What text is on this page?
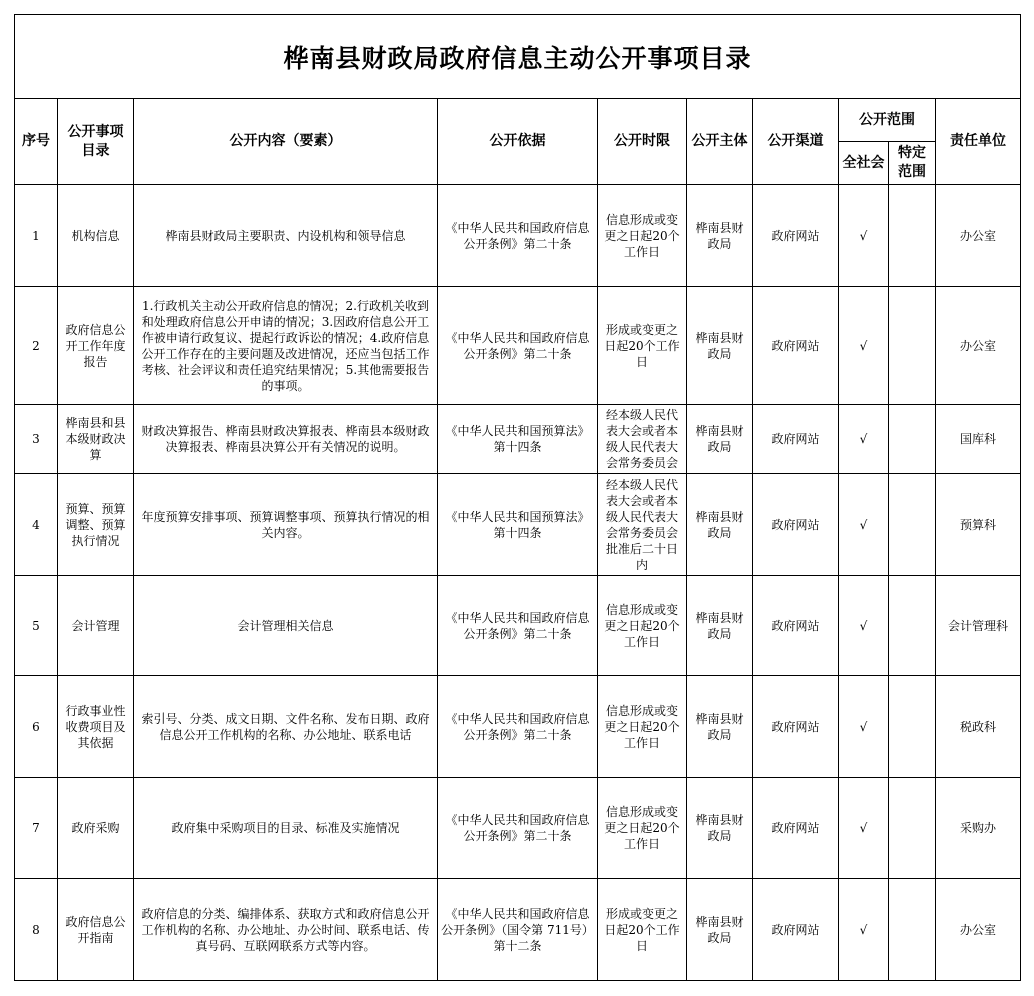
桦南县财政局政府信息主动公开事项目录									
序号	公开事项目录	公开内容（要素）	公开依据	公开时限	公开主体	公开渠道	公开范围		责任单位
							全社会	特定范围	
1	机构信息	桦南县财政局主要职责、内设机构和领导信息	《中华人民共和国政府信息公开条例》第二十条	信息形成或变更之日起20个工作日	桦南县财政局	政府网站	√		办公室
2	政府信息公开工作年度报告	1.行政机关主动公开政府信息的情况；2.行政机关收到和处理政府信息公开申请的情况；3.因政府信息公开工作被申请行政复议、提起行政诉讼的情况；4.政府信息公开工作存在的主要问题及改进情况，还应当包括工作考核、社会评议和责任追究结果情况；5.其他需要报告的事项。	《中华人民共和国政府信息公开条例》第二十条	形成或变更之日起20个工作日	桦南县财政局	政府网站	√		办公室
3	桦南县和县本级财政决算	财政决算报告、桦南县财政决算报表、桦南县本级财政决算报表、桦南县决算公开有关情况的说明。	《中华人民共和国预算法》第十四条	经本级人民代表大会或者本级人民代表大会常务委员会	桦南县财政局	政府网站	√		国库科
4	预算、预算调整、预算执行情况	年度预算安排事项、预算调整事项、预算执行情况的相关内容。	《中华人民共和国预算法》第十四条	经本级人民代表大会或者本级人民代表大会常务委员会批准后二十日内	桦南县财政局	政府网站	√		预算科
5	会计管理	会计管理相关信息	《中华人民共和国政府信息公开条例》第二十条	信息形成或变更之日起20个工作日	桦南县财政局	政府网站	√		会计管理科
6	行政事业性收费项目及其依据	索引号、分类、成文日期、文件名称、发布日期、政府信息公开工作机构的名称、办公地址、联系电话	《中华人民共和国政府信息公开条例》第二十条	信息形成或变更之日起20个工作日	桦南县财政局	政府网站	√		税政科
7	政府采购	政府集中采购项目的目录、标准及实施情况	《中华人民共和国政府信息公开条例》第二十条	信息形成或变更之日起20个工作日	桦南县财政局	政府网站	√		采购办
8	政府信息公开指南	政府信息的分类、编排体系、获取方式和政府信息公开工作机构的名称、办公地址、办公时间、联系电话、传真号码、互联网联系方式等内容。	《中华人民共和国政府信息公开条例》（国令第 711号）第十二条	形成或变更之日起20个工作日	桦南县财政局	政府网站	√		办公室
